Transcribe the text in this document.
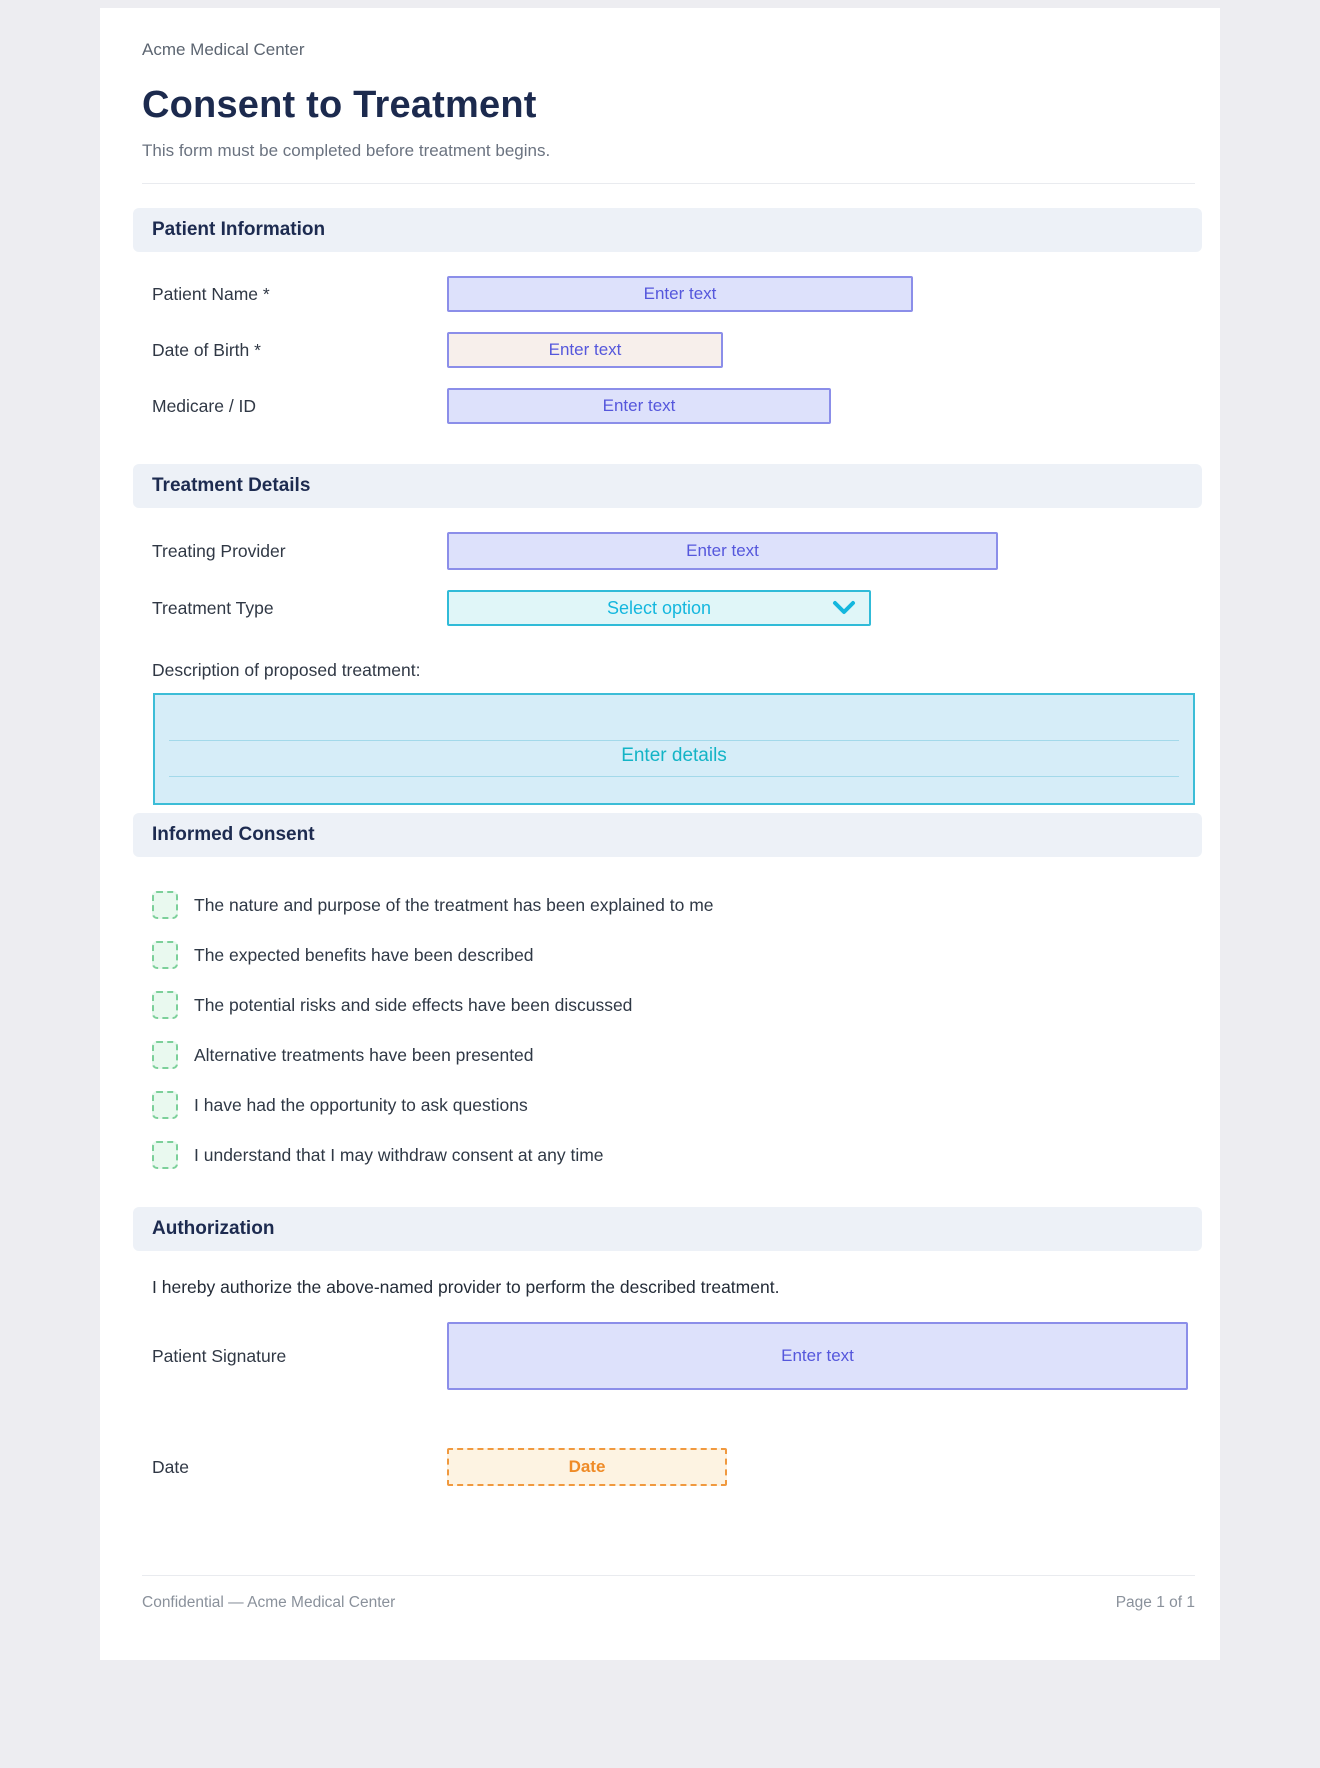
Acme Medical Center
Consent to Treatment
This form must be completed before treatment begins.
Patient Information
Patient Name *
Enter text
Date of Birth *
Enter text
Medicare / ID
Enter text
Treatment Details
Treating Provider
Enter text
Treatment Type	Select option
Description of proposed treatment:
Enter details
Informed Consent
The nature and purpose of the treatment has been explained to me
The expected benefits have been described
The potential risks and side effects have been discussed
Alternative treatments have been presented
I have had the opportunity to ask questions
I understand that I may withdraw consent at any time
Authorization
I hereby authorize the above-named provider to perform the described treatment.
Patient Signature
Enter text
Date
Date
Confidential — Acme Medical Center	Page 1 of 1
